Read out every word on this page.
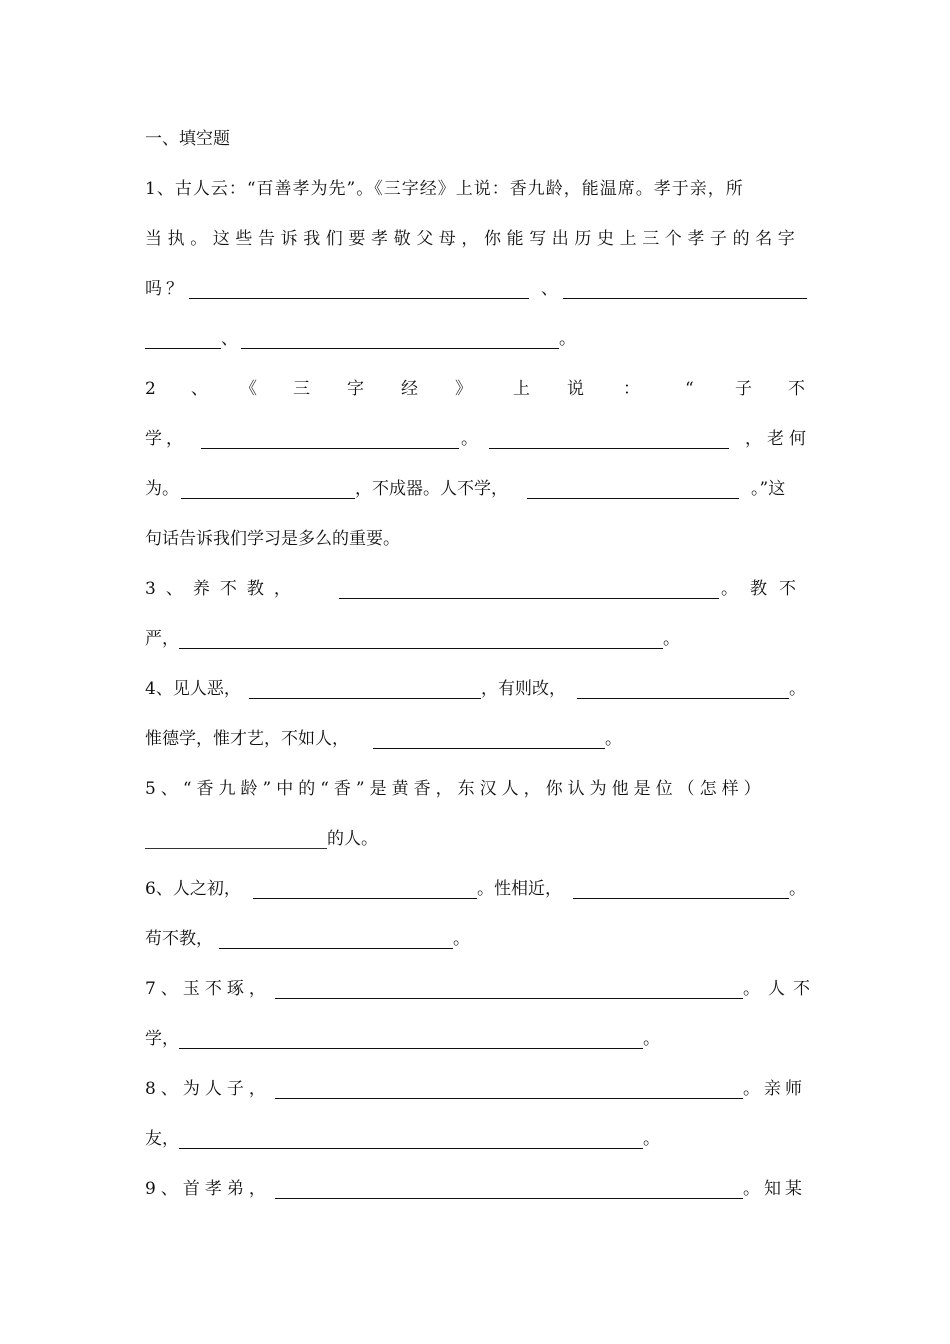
一、填空题
1、古人云：“百善孝为先”。《三字经》上说：香九龄，能温席。孝于亲，所
当执。这些告诉我们要孝敬父母，你能写出历史上三个孝子的名字
吗？	、
、	。
2 、 《 三 字 经 》 上 说 ：	“ 子 不
学，	。	，老何
为。	，不成器。人不学，	。”这
句话告诉我们学习是多么的重要。
3、养不教，	。教不
严，	。
4、见人恶，	，有则改，	。
惟德学，惟才艺，不如人，	。
5、“香九龄”中的“香”是黄香，东汉人，你认为他是位（怎样）
的人。
6、人之初，	。性相近，	。
苟不教，	。
7、玉不琢，	。人不
学，	。
8、为人子，	。亲师
友，	。
9、首孝弟，	。知某
